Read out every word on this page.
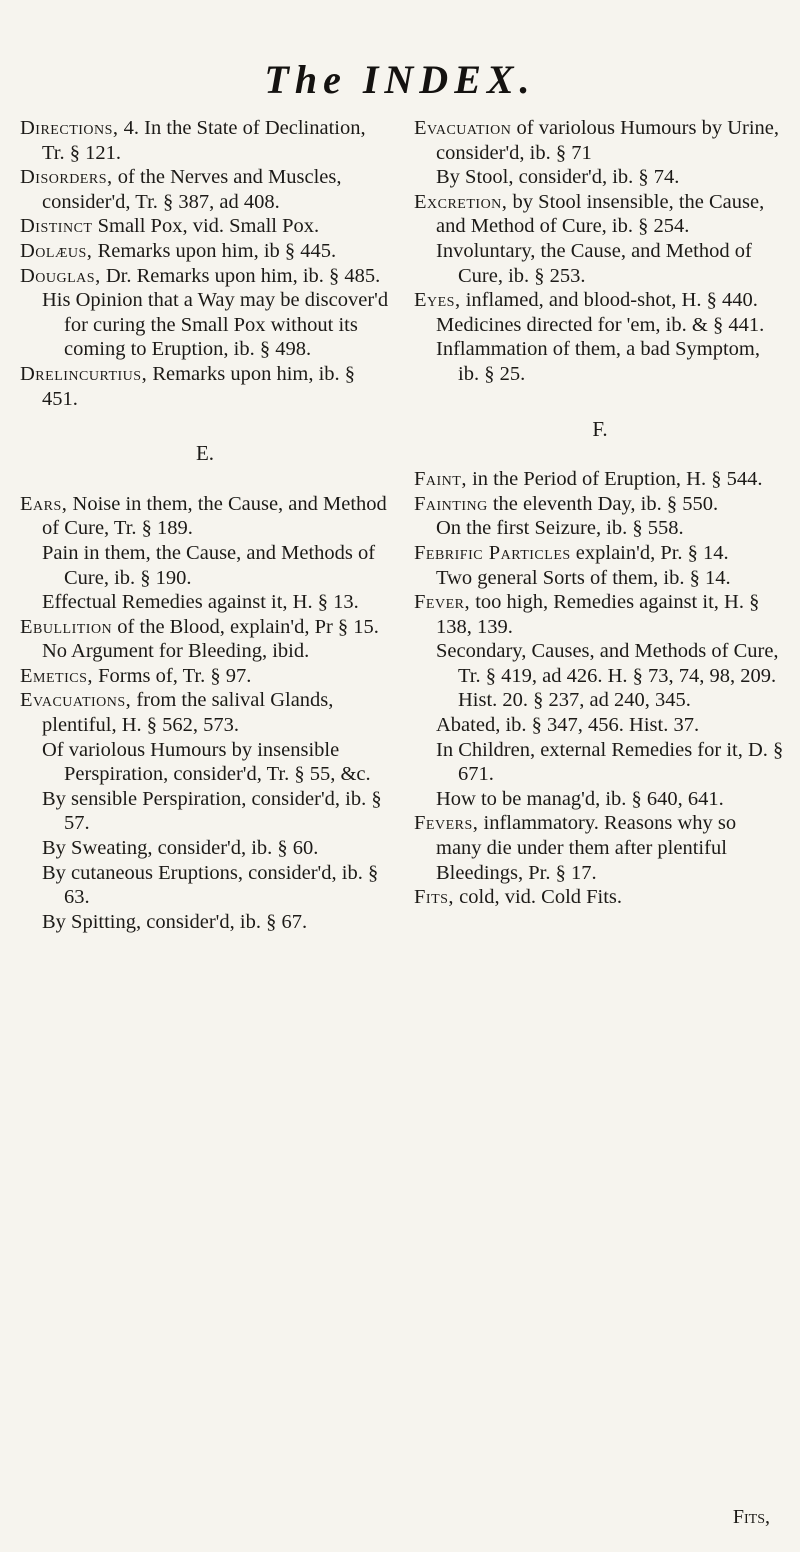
The INDEX.

Directions, 4. In the State of Declination, Tr. § 121.

Disorders, of the Nerves and Muscles, consider'd, Tr. § 387, ad 408.

Distinct Small Pox, vid. Small Pox.

Dolæus, Remarks upon him, ib § 445.

Douglas, Dr. Remarks upon him, ib. § 485.

His Opinion that a Way may be discover'd for curing the Small Pox without its coming to Eruption, ib. § 498.

Drelincurtius, Remarks upon him, ib. § 451.

E.

Ears, Noise in them, the Cause, and Method of Cure, Tr. § 189.

Pain in them, the Cause, and Methods of Cure, ib. § 190.

Effectual Remedies against it, H. § 13.

Ebullition of the Blood, explain'd, Pr § 15.

No Argument for Bleeding, ibid.

Emetics, Forms of, Tr. § 97.

Evacuations, from the salival Glands, plentiful, H. § 562, 573.

Of variolous Humours by insensible Perspiration, consider'd, Tr. § 55, &c.

By sensible Perspiration, consider'd, ib. § 57.

By Sweating, consider'd, ib. § 60.

By cutaneous Eruptions, consider'd, ib. § 63.

By Spitting, consider'd, ib. § 67.

Evacuation of variolous Humours by Urine, consider'd, ib. § 71

By Stool, consider'd, ib. § 74.

Excretion, by Stool insensible, the Cause, and Method of Cure, ib. § 254.

Involuntary, the Cause, and Method of Cure, ib. § 253.

Eyes, inflamed, and blood-shot, H. § 440.

Medicines directed for 'em, ib. & § 441.

Inflammation of them, a bad Symptom, ib. § 25.

F.

Faint, in the Period of Eruption, H. § 544.

Fainting the eleventh Day, ib. § 550.

On the first Seizure, ib. § 558.

Febrific Particles explain'd, Pr. § 14.

Two general Sorts of them, ib. § 14.

Fever, too high, Remedies against it, H. § 138, 139.

Secondary, Causes, and Methods of Cure, Tr. § 419, ad 426. H. § 73, 74, 98, 209. Hist. 20. § 237, ad 240, 345.

Abated, ib. § 347, 456. Hist. 37.

In Children, external Remedies for it, D. § 671.

How to be manag'd, ib. § 640, 641.

Fevers, inflammatory. Reasons why so many die under them after plentiful Bleedings, Pr. § 17.

Fits, cold, vid. Cold Fits.

Fits,
